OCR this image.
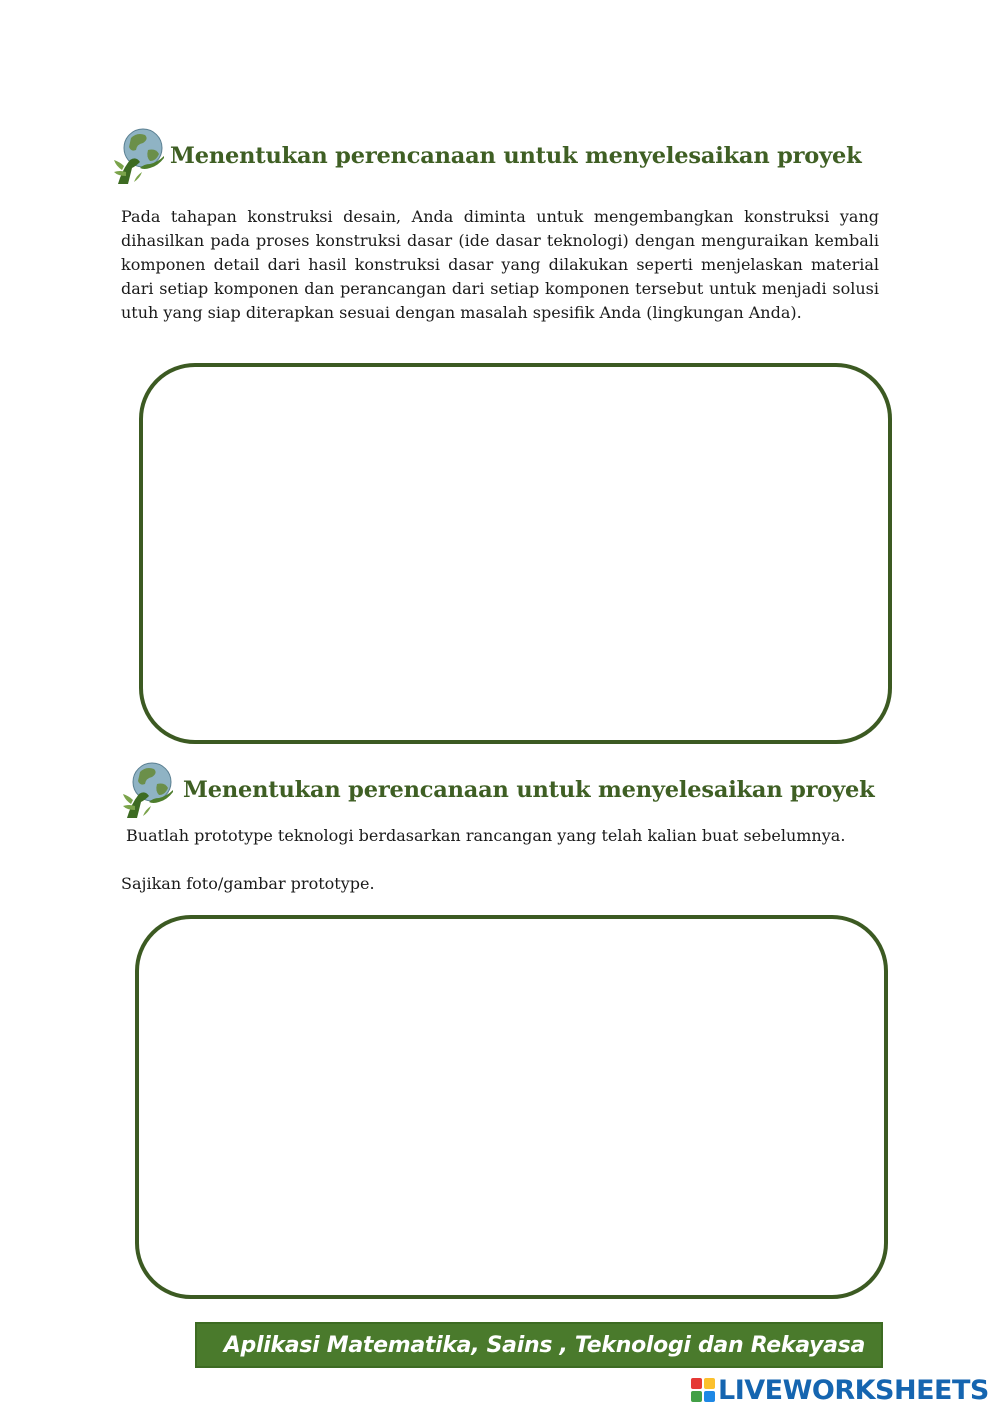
Menentukan perencanaan untuk menyelesaikan proyek

Pada tahapan konstruksi desain, Anda diminta untuk mengembangkan konstruksi yang dihasilkan pada proses konstruksi dasar (ide dasar teknologi) dengan menguraikan kembali komponen detail dari hasil konstruksi dasar yang dilakukan seperti menjelaskan material dari setiap komponen dan perancangan dari setiap komponen tersebut untuk menjadi solusi utuh yang siap diterapkan sesuai dengan masalah spesifik Anda (lingkungan Anda).

Menentukan perencanaan untuk menyelesaikan proyek

Buatlah prototype teknologi berdasarkan rancangan yang telah kalian buat sebelumnya.

Sajikan foto/gambar prototype.

Aplikasi Matematika, Sains , Teknologi dan Rekayasa
LIVEWORKSHEETS
